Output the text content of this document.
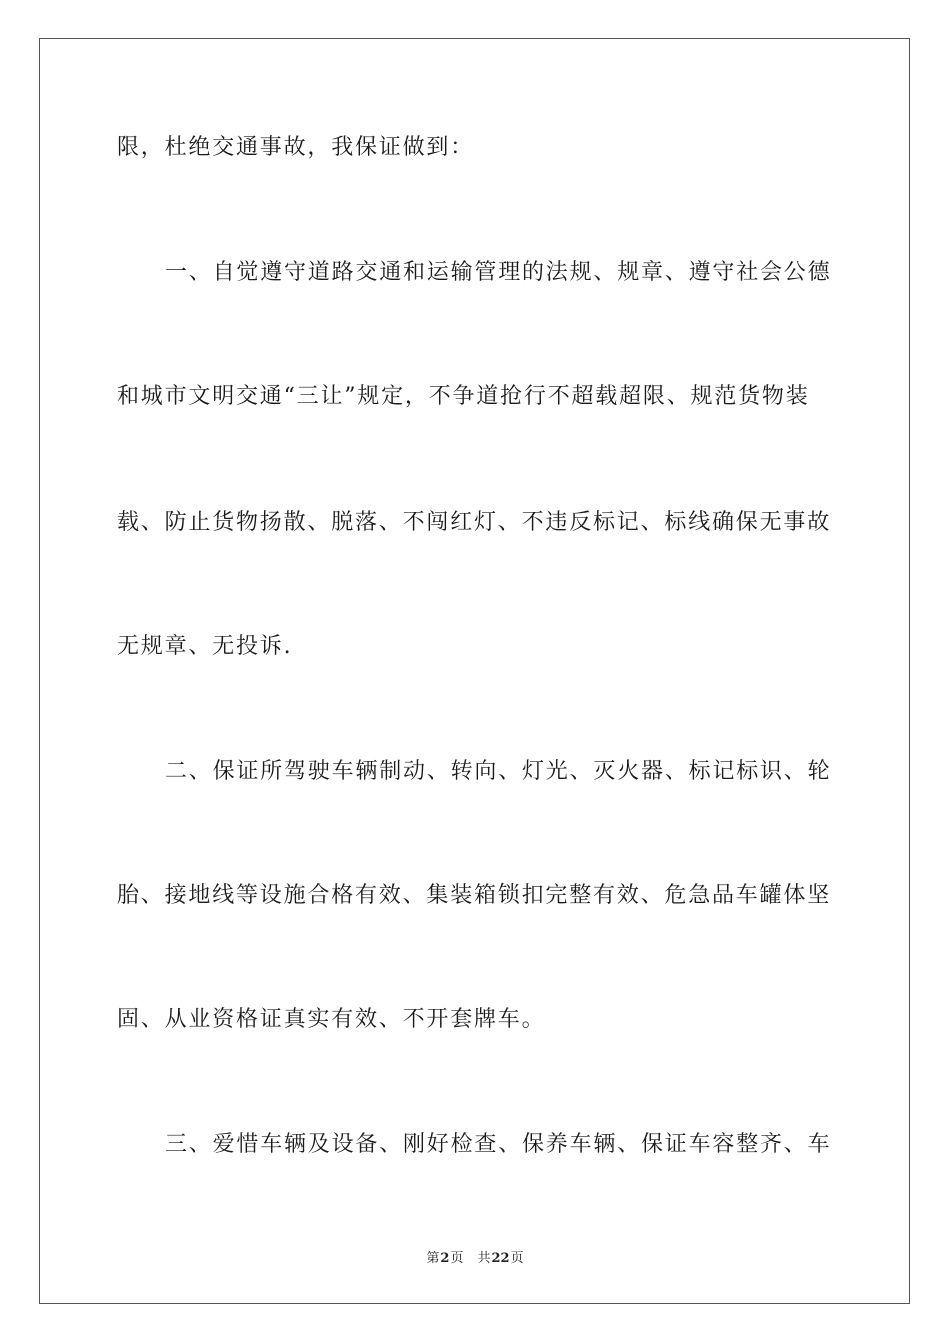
限，杜绝交通事故，我保证做到：
一、自觉遵守道路交通和运输管理的法规、规章、遵守社会公德
和城市文明交通“三让”规定，不争道抢行不超载超限、规范货物装
载、防止货物扬散、脱落、不闯红灯、不违反标记、标线确保无事故
无规章、无投诉.
二、保证所驾驶车辆制动、转向、灯光、灭火器、标记标识、轮
胎、接地线等设施合格有效、集装箱锁扣完整有效、危急品车罐体坚
固、从业资格证真实有效、不开套牌车。
三、爱惜车辆及设备、刚好检查、保养车辆、保证车容整齐、车
第2页 共22页
